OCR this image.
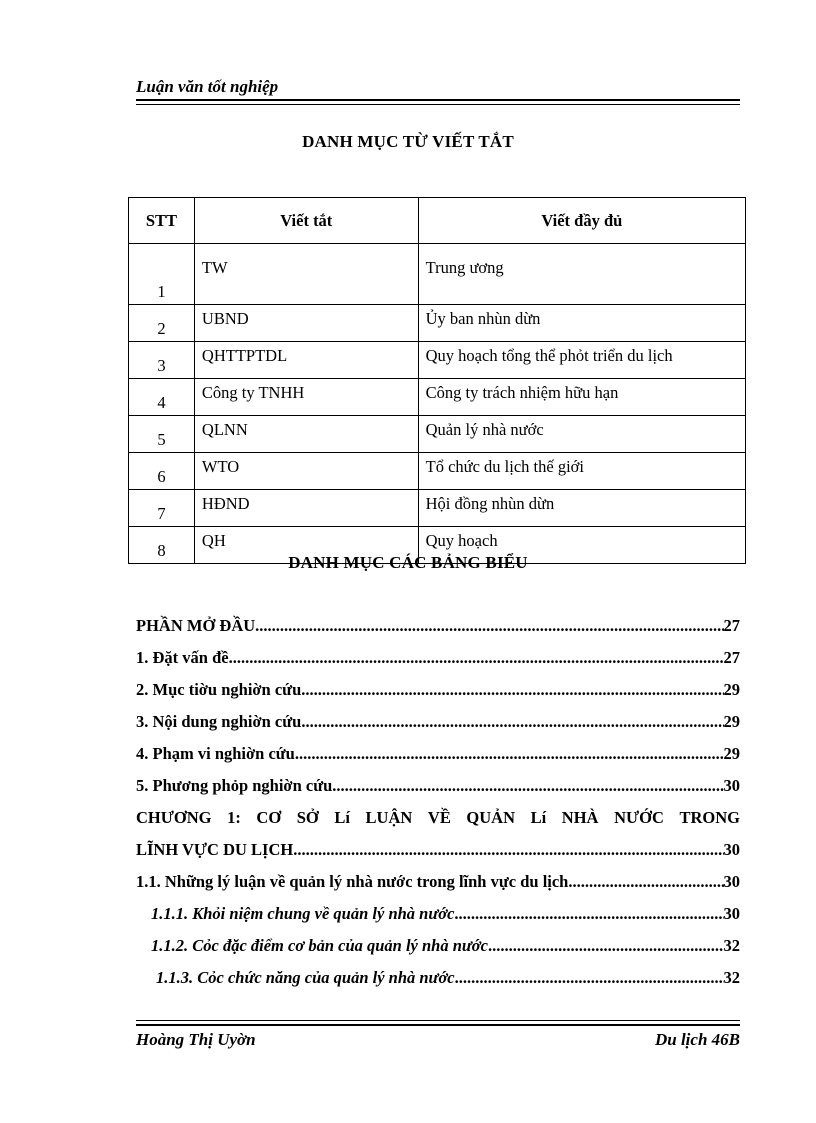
Luận văn tốt nghiệp
DANH MỤC TỪ VIẾT TẮT
STT	Viết tắt	Viết đầy đủ
1	TW	Trung ương
2	UBND	Ủy ban nhùn dừn
3	QHTTPTDL	Quy hoạch tổng thể phỏt triển du lịch
4	Công ty TNHH	Công ty trách nhiệm hữu hạn
5	QLNN	Quản lý nhà nước
6	WTO	Tổ chức du lịch thế giới
7	HĐND	Hội đồng nhùn dừn
8	QH	Quy hoạch
DANH MỤC CÁC BẢNG BIỂU
PHẦN MỞ ĐẦU .....	27
1. Đặt vấn đề .....	27
2. Mục tiờu nghiờn cứu .....	29
3. Nội dung nghiờn cứu .....	29
4. Phạm vi nghiờn cứu .....	29
5. Phương phỏp nghiờn cứu .....	30
CHƯƠNG 1: CƠ SỞ Lí LUẬN VỀ QUẢN Lí NHÀ NƯỚC TRONG
LĨNH VỰC DU LỊCH .....	30
1.1. Những lý luận về quản lý nhà nước trong lĩnh vực du lịch .....	30
1.1.1. Khỏi niệm chung về quản lý nhà nước .....	30
1.1.2. Cỏc đặc điểm cơ bản của quản lý nhà nước .....	32
1.1.3. Cỏc chức năng của quản lý nhà nước .....	32
Hoàng Thị Uyờn	Du lịch 46B
